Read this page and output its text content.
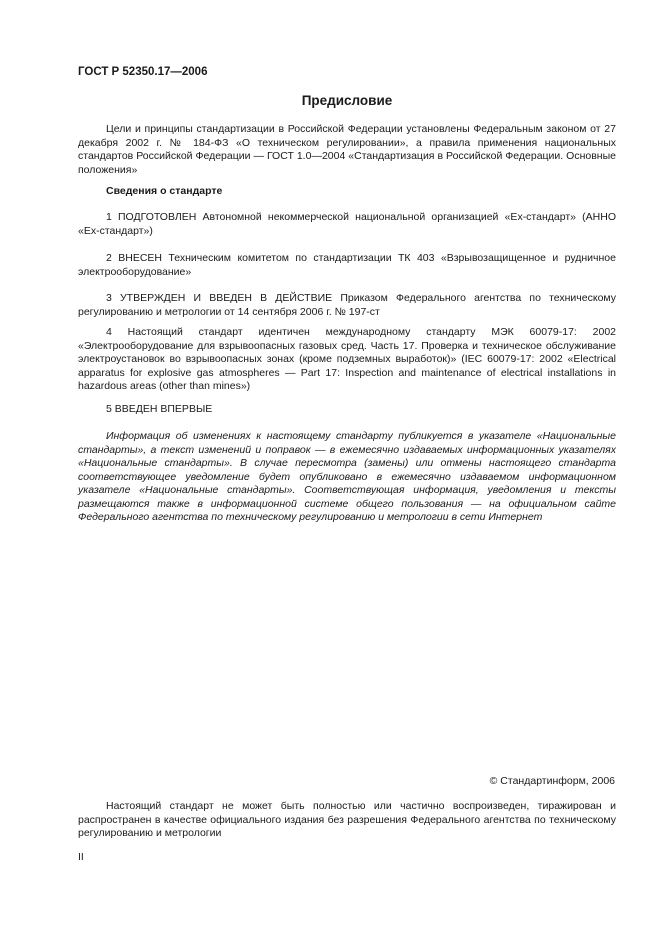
ГОСТ Р 52350.17—2006
Предисловие

Цели и принципы стандартизации в Российской Федерации установлены Федеральным законом от 27 декабря 2002 г. № 184-ФЗ «О техническом регулировании», а правила применения национальных стандартов Российской Федерации — ГОСТ 1.0—2004 «Стандартизация в Российской Федерации. Основные положения»

Сведения о стандарте

1 ПОДГОТОВЛЕН Автономной некоммерческой национальной организацией «Ех-стандарт» (АННО «Ех-стандарт»)

2 ВНЕСЕН Техническим комитетом по стандартизации ТК 403 «Взрывозащищенное и рудничное электрооборудование»

3 УТВЕРЖДЕН И ВВЕДЕН В ДЕЙСТВИЕ Приказом Федерального агентства по техническому регулированию и метрологии от 14 сентября 2006 г. № 197-ст

4 Настоящий стандарт идентичен международному стандарту МЭК 60079-17: 2002 «Электрооборудование для взрывоопасных газовых сред. Часть 17. Проверка и техническое обслуживание электроустановок во взрывоопасных зонах (кроме подземных выработок)» (IEC 60079-17: 2002 «Electrical apparatus for explosive gas atmospheres — Part 17: Inspection and maintenance of electrical installations in hazardous areas (other than mines»)

5 ВВЕДЕН ВПЕРВЫЕ

Информация об изменениях к настоящему стандарту публикуется в указателе «Национальные стандарты», а текст изменений и поправок — в ежемесячно издаваемых информационных указателях «Национальные стандарты». В случае пересмотра (замены) или отмены настоящего стандарта соответствующее уведомление будет опубликовано в ежемесячно издаваемом информационном указателе «Национальные стандарты». Соответствующая информация, уведомления и тексты размещаются также в информационной системе общего пользования — на официальном сайте Федерального агентства по техническому регулированию и метрологии в сети Интернет

© Стандартинформ, 2006

Настоящий стандарт не может быть полностью или частично воспроизведен, тиражирован и распространен в качестве официального издания без разрешения Федерального агентства по техническому регулированию и метрологии

II
